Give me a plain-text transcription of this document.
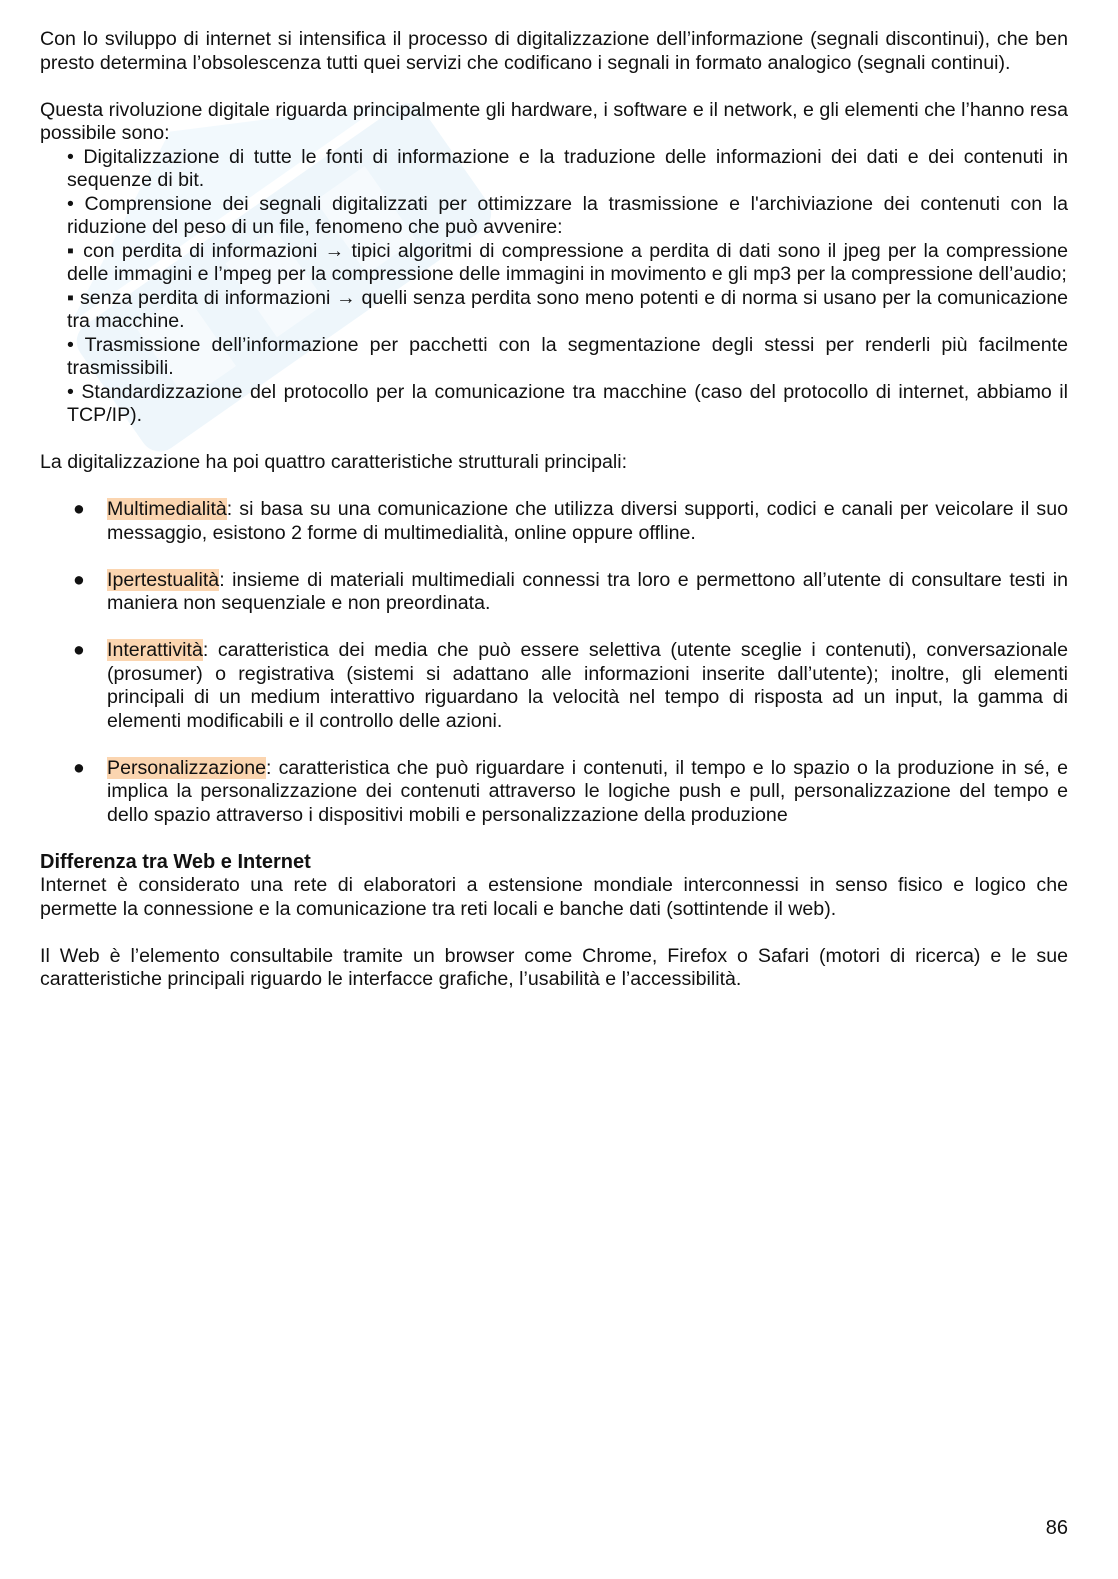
Con lo sviluppo di internet si intensifica il processo di digitalizzazione dell’informazione (segnali discontinui), che ben presto determina l’obsolescenza tutti quei servizi che codificano i segnali in formato analogico (segnali continui).

Questa rivoluzione digitale riguarda principalmente gli hardware, i software e il network, e gli elementi che l’hanno resa possibile sono:

• Digitalizzazione di tutte le fonti di informazione e la traduzione delle informazioni dei dati e dei contenuti in sequenze di bit.

• Comprensione dei segnali digitalizzati per ottimizzare la trasmissione e l'archiviazione dei contenuti con la riduzione del peso di un file, fenomeno che può avvenire:

▪ con perdita di informazioni → tipici algoritmi di compressione a perdita di dati sono il jpeg per la compressione delle immagini e l’mpeg per la compressione delle immagini in movimento e gli mp3 per la compressione dell’audio;

▪ senza perdita di informazioni → quelli senza perdita sono meno potenti e di norma si usano per la comunicazione tra macchine.

• Trasmissione dell’informazione per pacchetti con la segmentazione degli stessi per renderli più facilmente trasmissibili.

• Standardizzazione del protocollo per la comunicazione tra macchine (caso del protocollo di internet, abbiamo il TCP/IP).

La digitalizzazione ha poi quattro caratteristiche strutturali principali:

● Multimedialità: si basa su una comunicazione che utilizza diversi supporti, codici e canali per veicolare il suo messaggio, esistono 2 forme di multimedialità, online oppure offline.
● Ipertestualità: insieme di materiali multimediali connessi tra loro e permettono all’utente di consultare testi in maniera non sequenziale e non preordinata.
● Interattività: caratteristica dei media che può essere selettiva (utente sceglie i contenuti), conversazionale (prosumer) o registrativa (sistemi si adattano alle informazioni inserite dall’utente); inoltre, gli elementi principali di un medium interattivo riguardano la velocità nel tempo di risposta ad un input, la gamma di elementi modificabili e il controllo delle azioni.
● Personalizzazione: caratteristica che può riguardare i contenuti, il tempo e lo spazio o la produzione in sé, e implica la personalizzazione dei contenuti attraverso le logiche push e pull, personalizzazione del tempo e dello spazio attraverso i dispositivi mobili e personalizzazione della produzione
Differenza tra Web e Internet

Internet è considerato una rete di elaboratori a estensione mondiale interconnessi in senso fisico e logico che permette la connessione e la comunicazione tra reti locali e banche dati (sottintende il web).

Il Web è l’elemento consultabile tramite un browser come Chrome, Firefox o Safari (motori di ricerca) e le sue caratteristiche principali riguardo le interfacce grafiche, l’usabilità e l’accessibilità.

86
